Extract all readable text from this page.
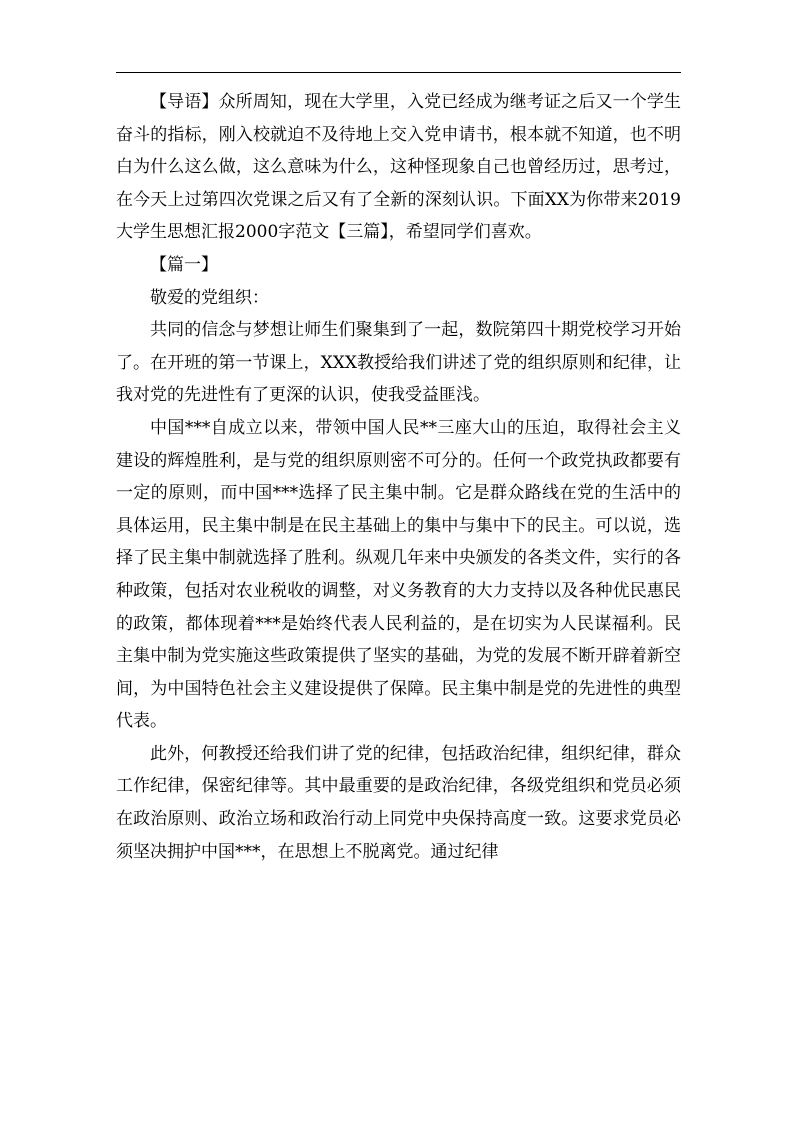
【导语】众所周知，现在大学里，入党已经成为继考证之后又一个学生奋斗的指标，刚入校就迫不及待地上交入党申请书，根本就不知道，也不明白为什么这么做，这么意味为什么，这种怪现象自己也曾经历过，思考过，在今天上过第四次党课之后又有了全新的深刻认识。下面XX为你带来2019大学生思想汇报2000字范文【三篇】，希望同学们喜欢。

【篇一】

敬爱的党组织：

共同的信念与梦想让师生们聚集到了一起，数院第四十期党校学习开始了。在开班的第一节课上，XXX教授给我们讲述了党的组织原则和纪律，让我对党的先进性有了更深的认识，使我受益匪浅。

中国***自成立以来，带领中国人民**三座大山的压迫，取得社会主义建设的辉煌胜利，是与党的组织原则密不可分的。任何一个政党执政都要有一定的原则，而中国***选择了民主集中制。它是群众路线在党的生活中的具体运用，民主集中制是在民主基础上的集中与集中下的民主。可以说，选择了民主集中制就选择了胜利。纵观几年来中央颁发的各类文件，实行的各种政策，包括对农业税收的调整，对义务教育的大力支持以及各种优民惠民的政策，都体现着***是始终代表人民利益的，是在切实为人民谋福利。民主集中制为党实施这些政策提供了坚实的基础，为党的发展不断开辟着新空间，为中国特色社会主义建设提供了保障。民主集中制是党的先进性的典型代表。

此外，何教授还给我们讲了党的纪律，包括政治纪律，组织纪律，群众工作纪律，保密纪律等。其中最重要的是政治纪律，各级党组织和党员必须在政治原则、政治立场和政治行动上同党中央保持高度一致。这要求党员必须坚决拥护中国***，在思想上不脱离党。通过纪律
